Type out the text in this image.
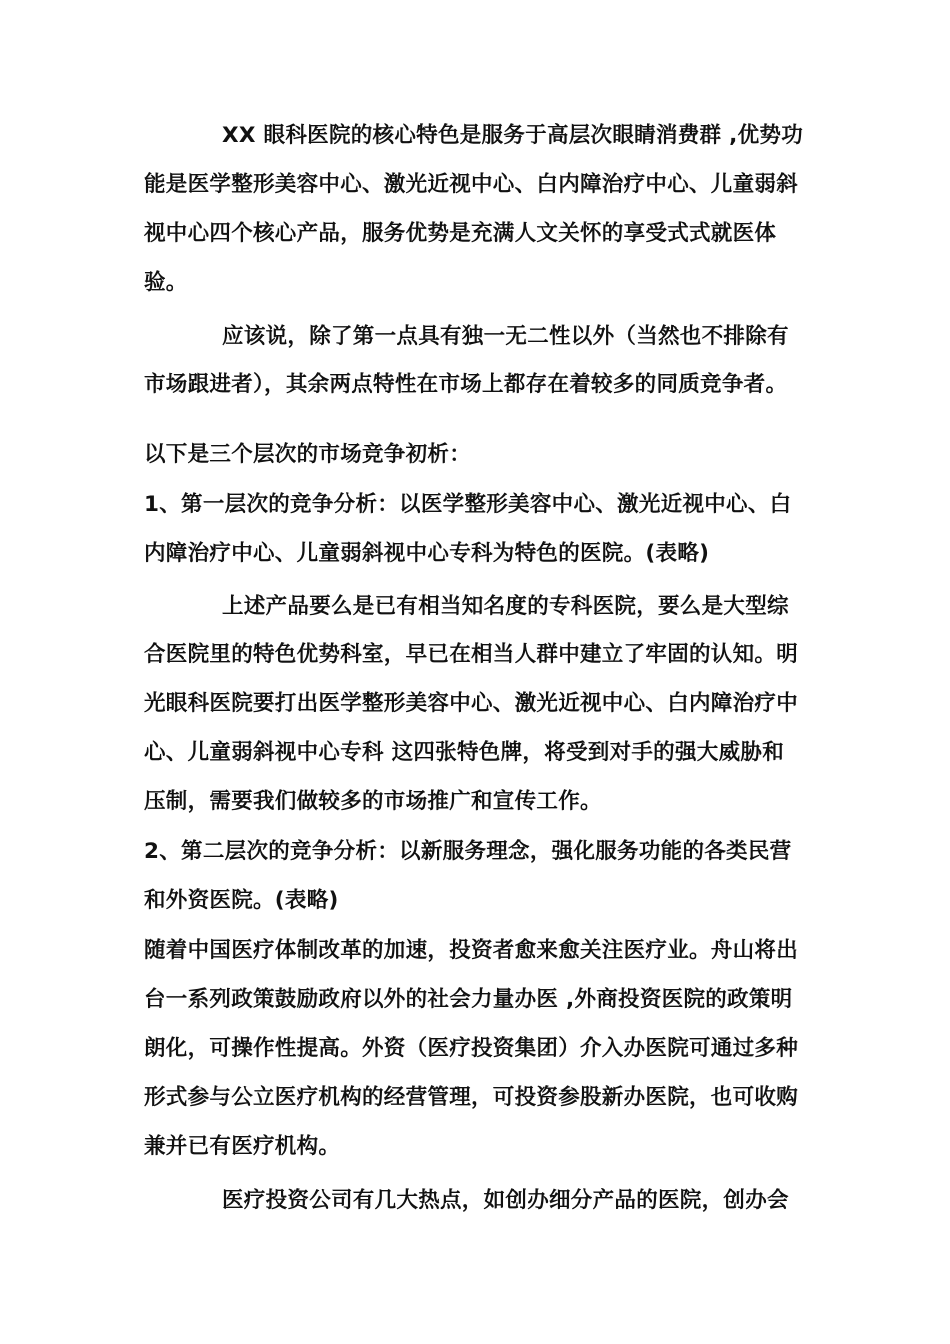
XX 眼科医院的核心特色是服务于高层次眼睛消费群 ,优势功
能是医学整形美容中心、激光近视中心、白内障治疗中心、儿童弱斜
视中心四个核心产品，服务优势是充满人文关怀的享受式式就医体
验。
应该说，除了第一点具有独一无二性以外（当然也不排除有
市场跟进者），其余两点特性在市场上都存在着较多的同质竞争者。
以下是三个层次的市场竞争初析：
1、第一层次的竞争分析：以医学整形美容中心、激光近视中心、白
内障治疗中心、儿童弱斜视中心专科为特色的医院。(表略)
上述产品要么是已有相当知名度的专科医院，要么是大型综
合医院里的特色优势科室，早已在相当人群中建立了牢固的认知。明
光眼科医院要打出医学整形美容中心、激光近视中心、白内障治疗中
心、儿童弱斜视中心专科 这四张特色牌，将受到对手的强大威胁和
压制，需要我们做较多的市场推广和宣传工作。
2、第二层次的竞争分析：以新服务理念，强化服务功能的各类民营
和外资医院。(表略)
随着中国医疗体制改革的加速，投资者愈来愈关注医疗业。舟山将出
台一系列政策鼓励政府以外的社会力量办医 ,外商投资医院的政策明
朗化，可操作性提高。外资（医疗投资集团）介入办医院可通过多种
形式参与公立医疗机构的经营管理，可投资参股新办医院，也可收购
兼并已有医疗机构。
医疗投资公司有几大热点，如创办细分产品的医院，创办会
